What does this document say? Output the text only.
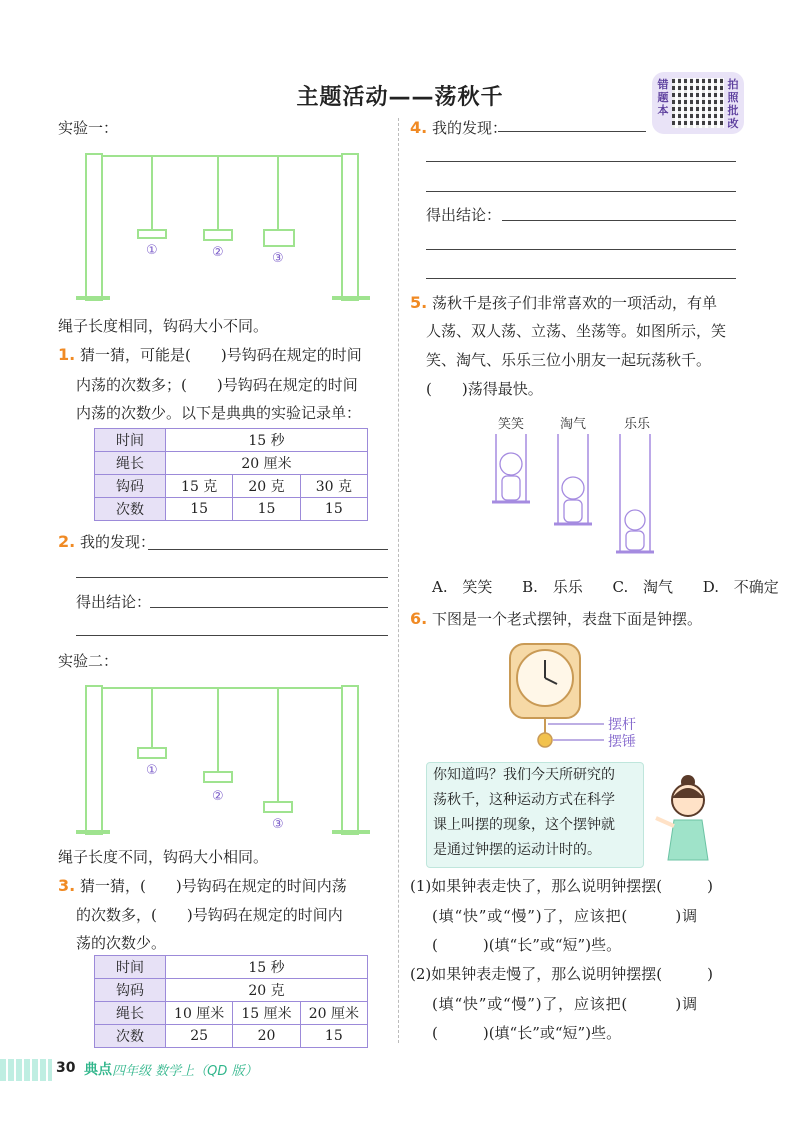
主题活动——荡秋千
错
题
本
拍
照
批
改
实验一：
①	②	③
绳子长度相同，钩码大小不同。
1. 猜一猜，可能是(　　)号钩码在规定的时间
内荡的次数多；(　　)号钩码在规定的时间
内荡的次数少。以下是典典的实验记录单：
时间	15 秒		
绳长	20 厘米		
钩码	15 克	20 克	30 克
次数	15	15	15
2. 我的发现：
得出结论：
实验二：
①
②
③
绳子长度不同，钩码大小相同。
3. 猜一猜，(　　)号钩码在规定的时间内荡
的次数多，(　　)号钩码在规定的时间内
荡的次数少。
时间	15 秒		
钩码	20 克		
绳长	10 厘米	15 厘米	20 厘米
次数	25	20	15
4. 我的发现：
得出结论：
5. 荡秋千是孩子们非常喜欢的一项活动，有单
人荡、双人荡、立荡、坐荡等。如图所示，笑
笑、淘气、乐乐三位小朋友一起玩荡秋千。
(　　)荡得最快。
笑笑	淘气	乐乐
A. 笑笑　 B. 乐乐　 C. 淘气　 D. 不确定
6. 下图是一个老式摆钟，表盘下面是钟摆。
摆杆
摆锤
你知道吗？我们今天所研究的
荡秋千，这种运动方式在科学
课上叫摆的现象，这个摆钟就
是通过钟摆的运动计时的。
(1)如果钟表走快了，那么说明钟摆摆(　　　)
(填“快”或“慢”)了，应该把(　　　)调
(　　　)(填“长”或“短”)些。
(2)如果钟表走慢了，那么说明钟摆摆(　　　)
(填“快”或“慢”)了，应该把(　　　)调
(　　　)(填“长”或“短”)些。
30 典点 四年级 数学上（QD 版）
